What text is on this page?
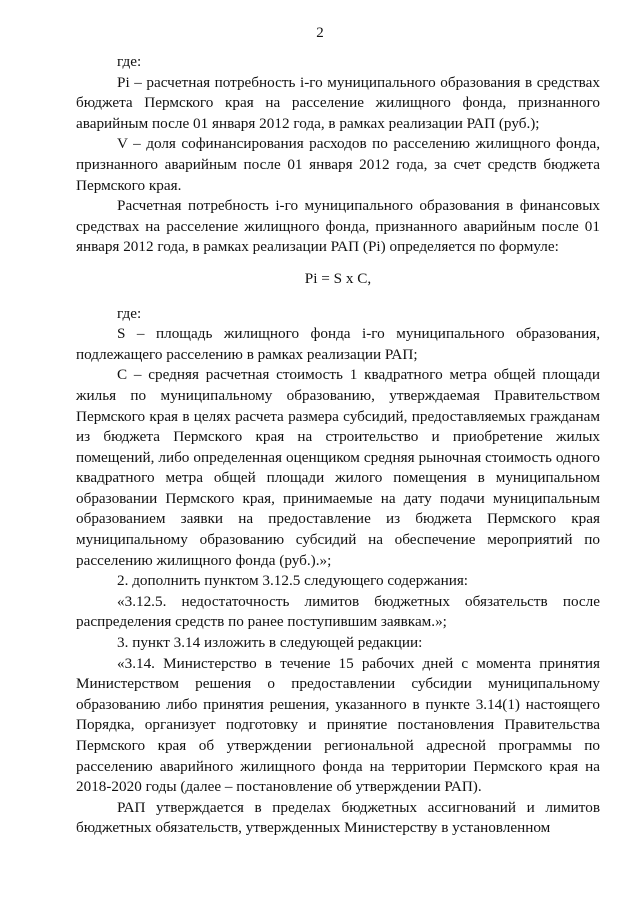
2

где:

Pi – расчетная потребность i-го муниципального образования в средствах бюджета Пермского края на расселение жилищного фонда, признанного аварийным после 01 января 2012 года, в рамках реализации РАП (руб.);

V – доля софинансирования расходов по расселению жилищного фонда, признанного аварийным после 01 января 2012 года, за счет средств бюджета Пермского края.

Расчетная потребность i-го муниципального образования в финансовых средствах на расселение жилищного фонда, признанного аварийным после 01 января 2012 года, в рамках реализации РАП (Pi) определяется по формуле:

Pi = S x C,

где:

S – площадь жилищного фонда i-го муниципального образования, подлежащего расселению в рамках реализации РАП;

C – средняя расчетная стоимость 1 квадратного метра общей площади жилья по муниципальному образованию, утверждаемая Правительством Пермского края в целях расчета размера субсидий, предоставляемых гражданам из бюджета Пермского края на строительство и приобретение жилых помещений, либо определенная оценщиком средняя рыночная стоимость одного квадратного метра общей площади жилого помещения в муниципальном образовании Пермского края, принимаемые на дату подачи муниципальным образованием заявки на предоставление из бюджета Пермского края муниципальному образованию субсидий на обеспечение мероприятий по расселению жилищного фонда (руб.).»;

2. дополнить пунктом 3.12.5 следующего содержания:

«3.12.5. недостаточность лимитов бюджетных обязательств после распределения средств по ранее поступившим заявкам.»;

3. пункт 3.14 изложить в следующей редакции:

«3.14. Министерство в течение 15 рабочих дней с момента принятия Министерством решения о предоставлении субсидии муниципальному образованию либо принятия решения, указанного в пункте 3.14(1) настоящего Порядка, организует подготовку и принятие постановления Правительства Пермского края об утверждении региональной адресной программы по расселению аварийного жилищного фонда на территории Пермского края на 2018-2020 годы (далее – постановление об утверждении РАП).

РАП утверждается в пределах бюджетных ассигнований и лимитов бюджетных обязательств, утвержденных Министерству в установленном
